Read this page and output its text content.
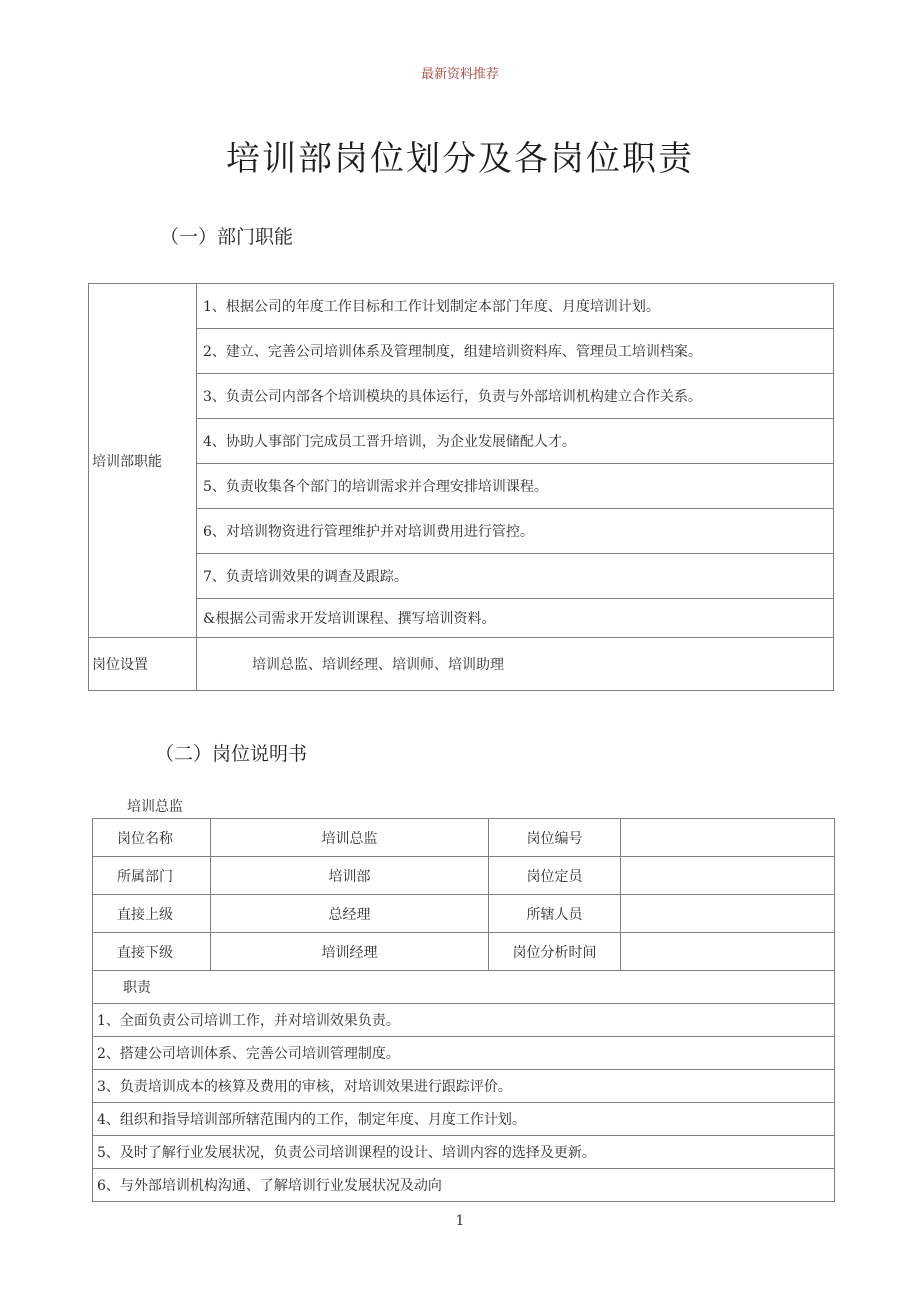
最新资料推荐
培训部岗位划分及各岗位职责
（一）部门职能
培训部职能	1、根据公司的年度工作目标和工作计划制定本部门年度、月度培训计划。
	2、建立、完善公司培训体系及管理制度，组建培训资料库、管理员工培训档案。
	3、负责公司内部各个培训模块的具体运行，负责与外部培训机构建立合作关系。
	4、协助人事部门完成员工晋升培训，为企业发展储配人才。
	5、负责收集各个部门的培训需求并合理安排培训课程。
	6、对培训物资进行管理维护并对培训费用进行管控。
	7、负责培训效果的调查及跟踪。
	&根据公司需求开发培训课程、撰写培训资料。
岗位设置	培训总监、培训经理、培训师、培训助理
（二）岗位说明书
培训总监
岗位名称	培训总监	岗位编号	
所属部门	培训部	岗位定员	
直接上级	总经理	所辖人员	
直接下级	培训经理	岗位分析时间	
职责			
1、全面负责公司培训工作，并对培训效果负责。			
2、搭建公司培训体系、完善公司培训管理制度。			
3、负责培训成本的核算及费用的审核，对培训效果进行跟踪评价。			
4、组织和指导培训部所辖范围内的工作，制定年度、月度工作计划。			
5、及时了解行业发展状况，负责公司培训课程的设计、培训内容的选择及更新。			
6、与外部培训机构沟通、了解培训行业发展状况及动向			
1
